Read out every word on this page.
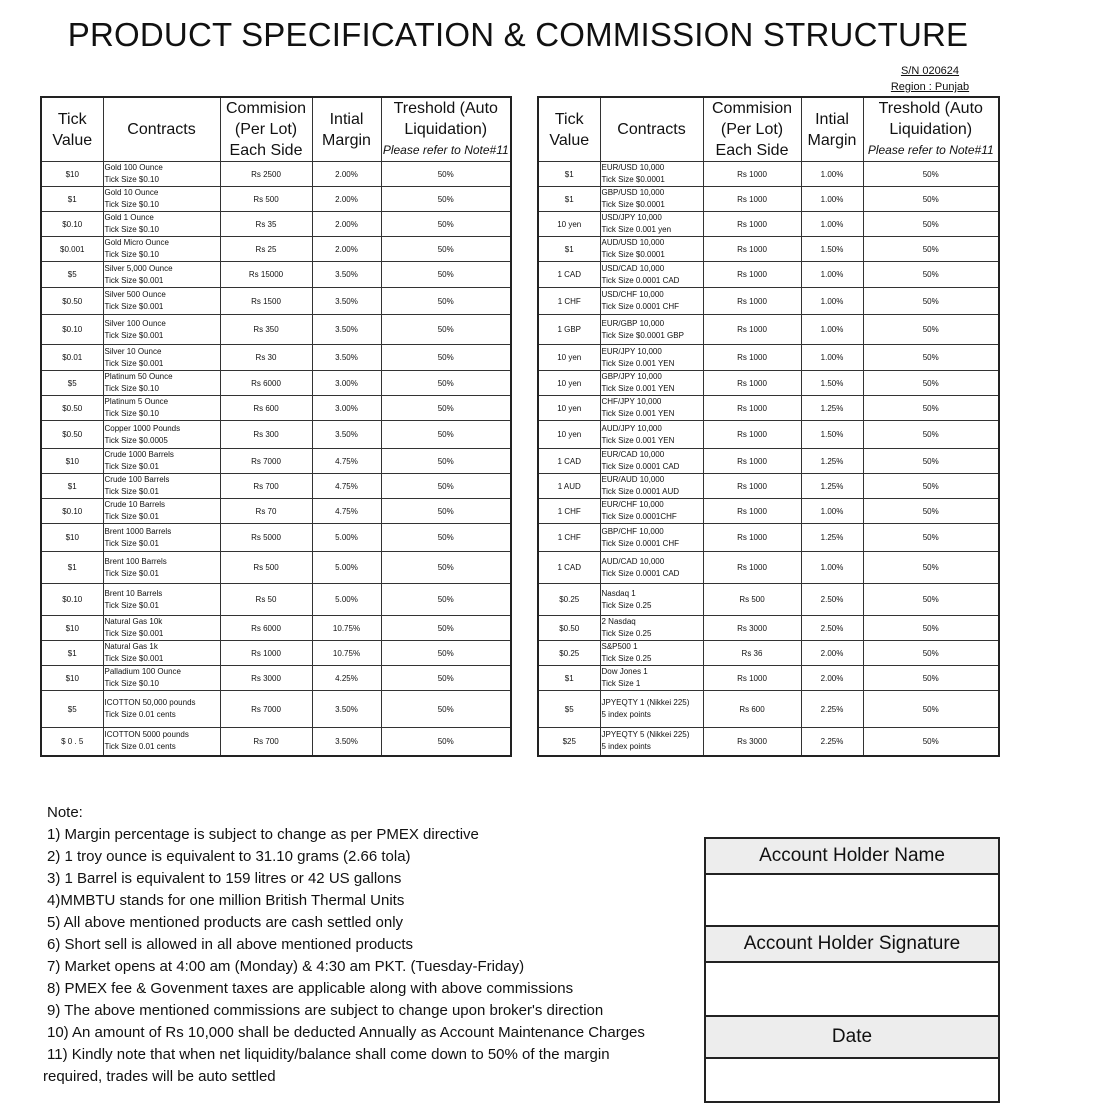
PRODUCT SPECIFICATION & COMMISSION STRUCTURE
S/N 020624
Region : Punjab
Tick Value	Contracts	Commision (Per Lot) Each Side	Intial Margin	Treshold (Auto Liquidation)
Please refer to Note#11

$10	Gold 100 Ounce
Tick Size $0.10	Rs 2500	2.00%	50%
$1	Gold 10 Ounce
Tick Size $0.10	Rs 500	2.00%	50%
$0.10	Gold 1 Ounce
Tick Size $0.10	Rs 35	2.00%	50%
$0.001	Gold Micro Ounce
Tick Size $0.10	Rs 25	2.00%	50%
$5	Silver 5,000 Ounce
Tick Size $0.001	Rs 15000	3.50%	50%
$0.50	Silver 500 Ounce
Tick Size $0.001	Rs 1500	3.50%	50%
$0.10	Silver 100 Ounce
Tick Size $0.001	Rs 350	3.50%	50%
$0.01	Silver 10 Ounce
Tick Size $0.001	Rs 30	3.50%	50%
$5	Platinum 50 Ounce
Tick Size $0.10	Rs 6000	3.00%	50%
$0.50	Platinum 5 Ounce
Tick Size $0.10	Rs 600	3.00%	50%
$0.50	Copper 1000 Pounds
Tick Size $0.0005	Rs 300	3.50%	50%
$10	Crude 1000 Barrels
Tick Size $0.01	Rs 7000	4.75%	50%
$1	Crude 100 Barrels
Tick Size $0.01	Rs 700	4.75%	50%
$0.10	Crude 10 Barrels
Tick Size $0.01	Rs 70	4.75%	50%
$10	Brent 1000 Barrels
Tick Size $0.01	Rs 5000	5.00%	50%
$1	Brent 100 Barrels
Tick Size $0.01	Rs 500	5.00%	50%
$0.10	Brent 10 Barrels
Tick Size $0.01	Rs 50	5.00%	50%
$10	Natural Gas 10k
Tick Size $0.001	Rs 6000	10.75%	50%
$1	Natural Gas 1k
Tick Size $0.001	Rs 1000	10.75%	50%
$10	Palladium 100 Ounce
Tick Size $0.10	Rs 3000	4.25%	50%
$5	ICOTTON 50,000 pounds
Tick Size 0.01 cents	Rs 7000	3.50%	50%
$ 0 . 5	ICOTTON 5000 pounds
Tick Size 0.01 cents	Rs 700	3.50%	50%
Tick Value	Contracts	Commision (Per Lot) Each Side	Intial Margin	Treshold (Auto Liquidation)
Please refer to Note#11

$1	EUR/USD 10,000
Tick Size $0.0001	Rs 1000	1.00%	50%
$1	GBP/USD 10,000
Tick Size $0.0001	Rs 1000	1.00%	50%
10 yen	USD/JPY 10,000
Tick Size 0.001 yen	Rs 1000	1.00%	50%
$1	AUD/USD 10,000
Tick Size $0.0001	Rs 1000	1.50%	50%
1 CAD	USD/CAD 10,000
Tick Size 0.0001 CAD	Rs 1000	1.00%	50%
1 CHF	USD/CHF 10,000
Tick Size 0.0001 CHF	Rs 1000	1.00%	50%
1 GBP	EUR/GBP 10,000
Tick Size $0.0001 GBP	Rs 1000	1.00%	50%
10 yen	EUR/JPY 10,000
Tick Size 0.001 YEN	Rs 1000	1.00%	50%
10 yen	GBP/JPY 10,000
Tick Size 0.001 YEN	Rs 1000	1.50%	50%
10 yen	CHF/JPY 10,000
Tick Size 0.001 YEN	Rs 1000	1.25%	50%
10 yen	AUD/JPY 10,000
Tick Size 0.001 YEN	Rs 1000	1.50%	50%
1 CAD	EUR/CAD 10,000
Tick Size 0.0001 CAD	Rs 1000	1.25%	50%
1 AUD	EUR/AUD 10,000
Tick Size 0.0001 AUD	Rs 1000	1.25%	50%
1 CHF	EUR/CHF 10,000
Tick Size 0.0001CHF	Rs 1000	1.00%	50%
1 CHF	GBP/CHF 10,000
Tick Size 0.0001 CHF	Rs 1000	1.25%	50%
1 CAD	AUD/CAD 10,000
Tick Size 0.0001 CAD	Rs 1000	1.00%	50%
$0.25	Nasdaq 1
Tick Size 0.25	Rs 500	2.50%	50%
$0.50	2 Nasdaq
Tick Size 0.25	Rs 3000	2.50%	50%
$0.25	S&P500 1
Tick Size 0.25	Rs 36	2.00%	50%
$1	Dow Jones 1
Tick Size 1	Rs 1000	2.00%	50%
$5	JPYEQTY 1 (Nikkei 225)
5 index points	Rs 600	2.25%	50%
$25	JPYEQTY 5 (Nikkei 225)
5 index points	Rs 3000	2.25%	50%
Note:
1) Margin percentage is subject to change as per PMEX directive
2) 1 troy ounce is equivalent to 31.10 grams (2.66 tola)
3) 1 Barrel is equivalent to 159 litres or 42 US gallons
4)MMBTU stands for one million British Thermal Units
5) All above mentioned products are cash settled only
6) Short sell is allowed in all above mentioned products
7) Market opens at 4:00 am (Monday) & 4:30 am PKT. (Tuesday-Friday)
8) PMEX fee & Govenment taxes are applicable along with above commissions
9) The above mentioned commissions are subject to change upon broker's direction
10) An amount of Rs 10,000 shall be deducted Annually as Account Maintenance Charges
11) Kindly note that when net liquidity/balance shall come down to 50% of the margin
required, trades will be auto settled
Account Holder Name
Account Holder Signature
Date
